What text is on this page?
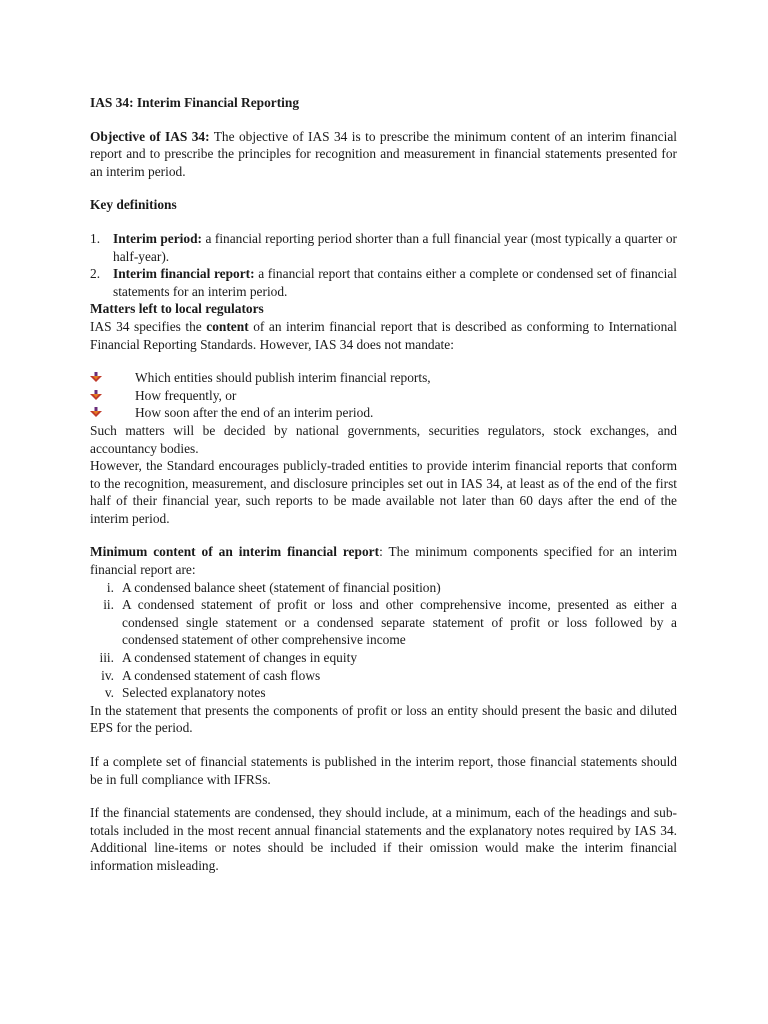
IAS 34: Interim Financial Reporting

Objective of IAS 34: The objective of IAS 34 is to prescribe the minimum content of an interim financial report and to prescribe the principles for recognition and measurement in financial statements presented for an interim period.

Key definitions

1. Interim period: a financial reporting period shorter than a full financial year (most typically a quarter or half-year).
2. Interim financial report: a financial report that contains either a complete or condensed set of financial statements for an interim period.

Matters left to local regulators

IAS 34 specifies the content of an interim financial report that is described as conforming to International Financial Reporting Standards. However, IAS 34 does not mandate:

Which entities should publish interim financial reports,
How frequently, or
How soon after the end of an interim period.

Such matters will be decided by national governments, securities regulators, stock exchanges, and accountancy bodies.

However, the Standard encourages publicly-traded entities to provide interim financial reports that conform to the recognition, measurement, and disclosure principles set out in IAS 34, at least as of the end of the first half of their financial year, such reports to be made available not later than 60 days after the end of the interim period.

Minimum content of an interim financial report: The minimum components specified for an interim financial report are:

i. A condensed balance sheet (statement of financial position)
ii. A condensed statement of profit or loss and other comprehensive income, presented as either a condensed single statement or a condensed separate statement of profit or loss followed by a condensed statement of other comprehensive income
iii. A condensed statement of changes in equity
iv. A condensed statement of cash flows
v. Selected explanatory notes

In the statement that presents the components of profit or loss an entity should present the basic and diluted EPS for the period.

If a complete set of financial statements is published in the interim report, those financial statements should be in full compliance with IFRSs.

If the financial statements are condensed, they should include, at a minimum, each of the headings and sub-totals included in the most recent annual financial statements and the explanatory notes required by IAS 34. Additional line-items or notes should be included if their omission would make the interim financial information misleading.
